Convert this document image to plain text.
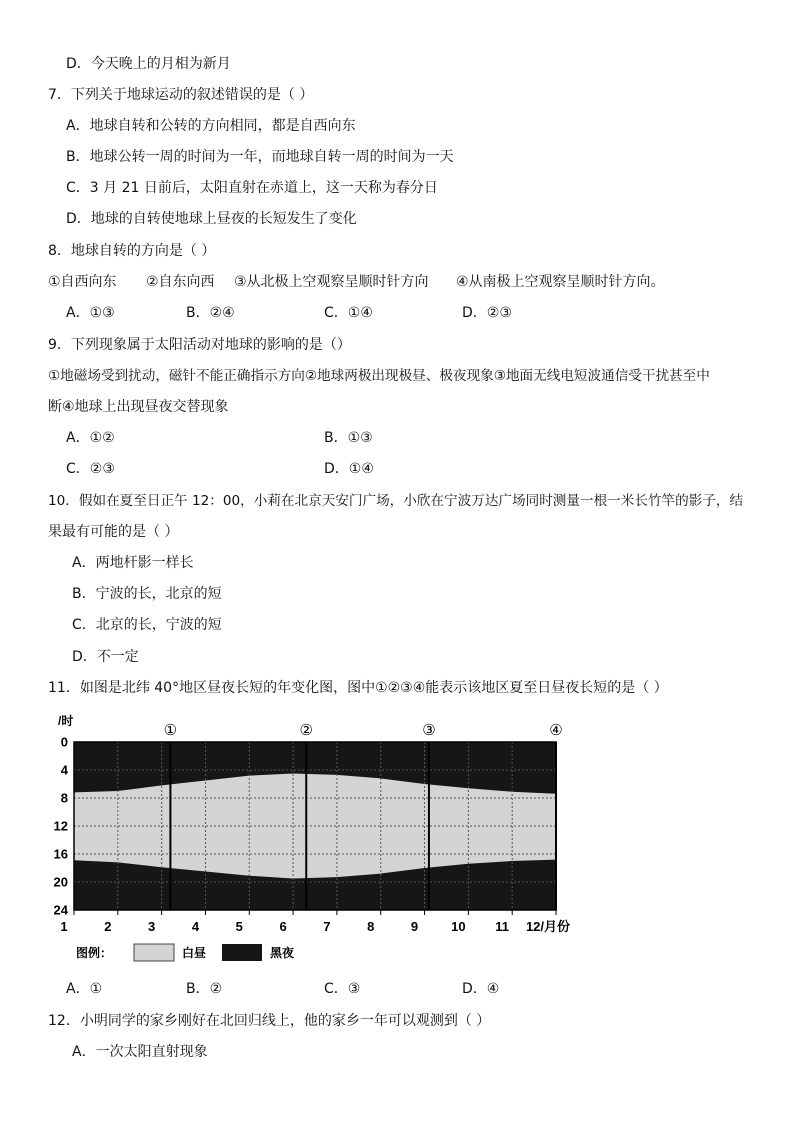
D．今天晚上的月相为新月
7．下列关于地球运动的叙述错误的是（ ）
A．地球自转和公转的方向相同，都是自西向东
B．地球公转一周的时间为一年，而地球自转一周的时间为一天
C．3 月 21 日前后，太阳直射在赤道上，这一天称为春分日
D．地球的自转使地球上昼夜的长短发生了变化
8．地球自转的方向是（ ）
①自西向东 ②自东向西 ③从北极上空观察呈顺时针方向 ④从南极上空观察呈顺时针方向。
A．①③	B．②④	C．①④	D．②③
9．下列现象属于太阳活动对地球的影响的是（）
①地磁场受到扰动，磁针不能正确指示方向②地球两极出现极昼、极夜现象③地面无线电短波通信受干扰甚至中
断④地球上出现昼夜交替现象
A．①②	B．①③
C．②③	D．①④
10．假如在夏至日正午 12：00，小莉在北京天安门广场，小欣在宁波万达广场同时测量一根一米长竹竿的影子，结
果最有可能的是（ ）
A．两地杆影一样长
B．宁波的长，北京的短
C．北京的长，宁波的短
D．不一定
11．如图是北纬 40°地区昼夜长短的年变化图，图中①②③④能表示该地区夏至日昼夜长短的是（ ）
①	②	③	④
/时
0
4
8
12
16
20
24
1	2	3	4	5	6	7	8	9	10 11 12/月份
图例：	白昼	黑夜
A．①	B．②	C．③	D．④
12．小明同学的家乡刚好在北回归线上，他的家乡一年可以观测到（ ）
A．一次太阳直射现象
